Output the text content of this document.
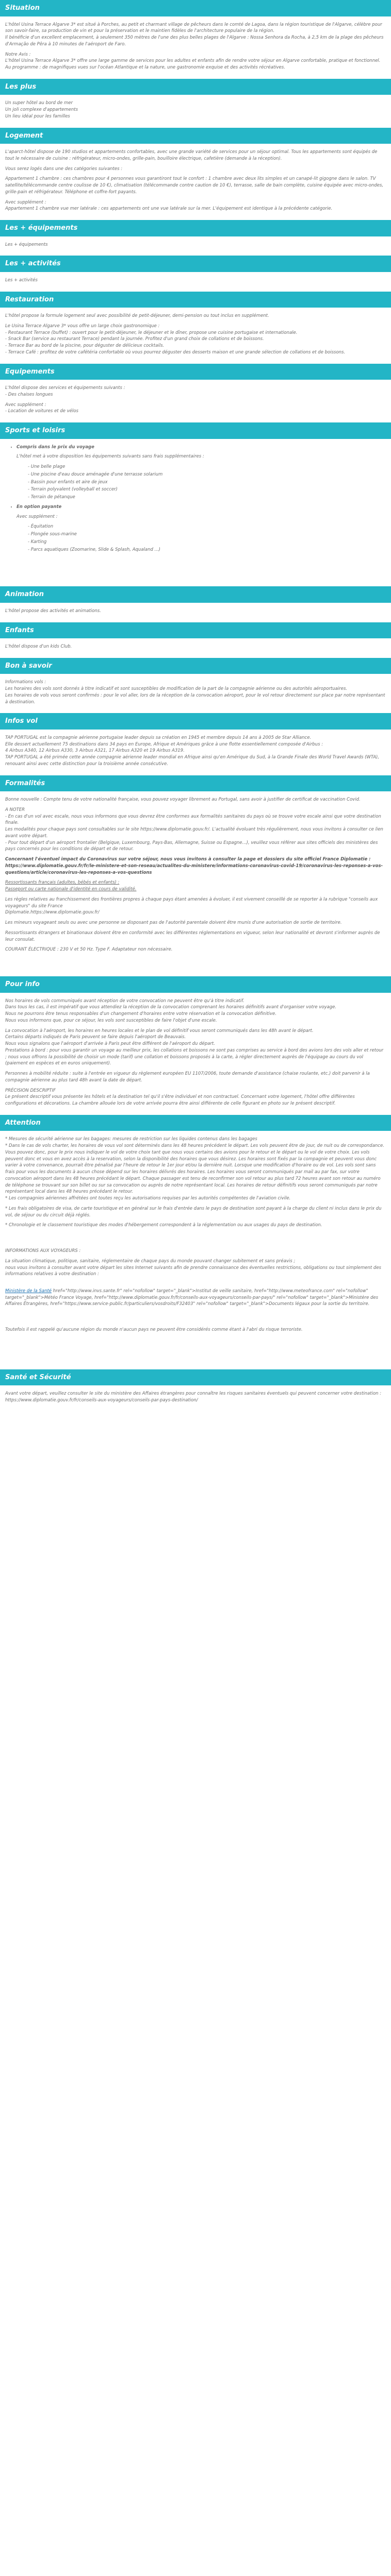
Situation

L'hôtel Usina Terrace Algarve 3* est situé à Porches, au petit et charmant village de pêcheurs dans le comté de Lagoa, dans la région touristique de l'Algarve, célèbre pour son savoir-faire, sa production de vin et pour la préservation et le maintien fidèles de l'architecture populaire de la région.
Il bénéficie d'un excellent emplacement, à seulement 350 mètres de l'une des plus belles plages de l'Algarve : Nossa Senhora da Rocha, à 2,5 km de la plage des pêcheurs d'Armação de Pêra à 10 minutes de l'aéroport de Faro.

Notre Avis :
L'hôtel Usina Terrace Algarve 3* offre une large gamme de services pour les adultes et enfants afin de rendre votre séjour en Algarve confortable, pratique et fonctionnel. Au programme : de magnifiques vues sur l'océan Atlantique et la nature, une gastronomie exquise et des activités récréatives.

Les plus

Un super hôtel au bord de mer
Un joli complexe d'appartements
Un lieu idéal pour les familles

Logement

L'aparct-hôtel dispose de 190 studios et appartements confortables, avec une grande variété de services pour un séjour optimal. Tous les appartements sont équipés de tout le nécessaire de cuisine : réfrigérateur, micro-ondes, grille-pain, bouilloire électrique, cafetière (demande à la réception).

Vous serez logés dans une des catégories suivantes :

Appartement 1 chambre : ces chambres pour 4 personnes vous garantiront tout le confort : 1 chambre avec deux lits simples et un canapé-lit gigogne dans le salon. TV satellite/télécommande centre coulisse de 10 €), climatisation (télécommande contre caution de 10 €), terrasse, salle de bain complète, cuisine équipée avec micro-ondes, grille-pain et réfrigérateur. Téléphone et coffre-fort payants.

Avec supplément :
Appartement 1 chambre vue mer latérale : ces appartements ont une vue latérale sur la mer. L'équipement est identique à la précédente catégorie.

Les + équipements

Les + équipements

Les + activités

Les + activités

Restauration

L'hôtel propose la formule logement seul avec possibilité de petit-déjeuner, demi-pension ou tout inclus en supplément.

Le Usina Terrace Algarve 3* vous offre un large choix gastronomique :
- Restaurant Terrace (buffet) : ouvert pour le petit-déjeuner, le déjeuner et le dîner, propose une cuisine portugaise et internationale.
- Snack Bar (service au restaurant Terrace) pendant la journée. Profitez d'un grand choix de collations et de boissons.
- Terrace Bar au bord de la piscine, pour déguster de délicieux cocktails.
- Terrace Café : profitez de votre cafétéria confortable où vous pourrez déguster des desserts maison et une grande sélection de collations et de boissons.

Equipements

L'hôtel dispose des services et équipements suivants :
- Des chaises longues

Avec supplément :
- Location de voitures et de vélos

Sports et loisirs
• Compris dans le prix du voyage

L'hôtel met à votre disposition les équipements suivants sans frais supplémentaires :

- Une belle plage
- Une piscine d'eau douce aménagée d'une terrasse solarium
- Bassin pour enfants et aire de jeux
- Terrain polyvalent (volleyball et soccer)
- Terrain de pétanque
• En option payante

Avec supplément :

- Équitation
- Plongée sous-marine
- Karting
- Parcs aquatiques (Zoomarine, Slide & Splash, Aqualand ...)
Animation

L'hôtel propose des activités et animations.

Enfants

L'hôtel dispose d'un kids Club.

Bon à savoir

Informations vols :
Les horaires des vols sont donnés à titre indicatif et sont susceptibles de modification de la part de la compagnie aérienne ou des autorités aéroportuaires.
Les horaires de vols vous seront confirmés : pour le vol aller, lors de la réception de la convocation aéroport, pour le vol retour directement sur place par notre représentant à destination.

Infos vol

TAP PORTUGAL est la compagnie aérienne portugaise leader depuis sa création en 1945 et membre depuis 14 ans à 2005 de Star Alliance.
Elle dessert actuellement 75 destinations dans 34 pays en Europe, Afrique et Amériques grâce à une flotte essentiellement composée d'Airbus :
4 Airbus A340, 12 Airbus A330, 3 Airbus A321, 17 Airbus A320 et 19 Airbus A319.
TAP PORTUGAL a été primée cette année compagnie aérienne leader mondial en Afrique ainsi qu'en Amérique du Sud, à la Grande Finale des World Travel Awards (WTA), renouant ainsi avec cette distinction pour la troisième année consécutive.

Formalités

Bonne nouvelle : Compte tenu de votre nationalité française, vous pouvez voyager librement au Portugal, sans avoir à justifier de certificat de vaccination Covid.

A NOTER
- En cas d'un vol avec escale, nous vous informons que vous devrez être conformes aux formalités sanitaires du pays où se trouve votre escale ainsi que votre destination finale.
Les modalités pour chaque pays sont consultables sur le site https://www.diplomatie.gouv.fr/. L'actualité évoluant très régulièrement, nous vous invitons à consulter ce lien avant votre départ.
- Pour tout départ d'un aéroport frontalier (Belgique, Luxembourg, Pays-Bas, Allemagne, Suisse ou Espagne...), veuillez vous référer aux sites officiels des ministères des pays concernés pour les conditions de départ et de retour.

Concernant l'éventuel impact du Coronavirus sur votre séjour, nous vous invitons à consulter la page et dossiers du site officiel France Diplomatie :
https://www.diplomatie.gouv.fr/fr/le-ministere-et-son-reseau/actualites-du-ministere/informations-coronavirus-covid-19/coronavirus-les-reponses-a-vos-questions/article/coronavirus-les-reponses-a-vos-questions

Ressortissants français (adultes, bébés et enfants) :
Passeport ou carte nationale d'identité en cours de validité.

Les règles relatives au franchissement des frontières propres à chaque pays étant amenées à évoluer, il est vivement conseillé de se reporter à la rubrique "conseils aux voyageurs" du site France
Diplomatie.https://www.diplomatie.gouv.fr/

Les mineurs voyageant seuls ou avec une personne se disposant pas de l'autorité parentale doivent être munis d'une autorisation de sortie de territoire.

Ressortissants étrangers et binationaux doivent être en conformité avec les différentes réglementations en vigueur, selon leur nationalité et devront s'informer auprès de leur consulat.

COURANT ÉLECTRIQUE : 230 V et 50 Hz. Type F. Adaptateur non nécessaire.

Pour info

Nos horaires de vols communiqués avant réception de votre convocation ne peuvent être qu'à titre indicatif.
Dans tous les cas, il est impératif que vous attendiez la réception de la convocation comprenant les horaires définitifs avant d'organiser votre voyage.
Nous ne pourrons être tenus responsables d'un changement d'horaires entre votre réservation et la convocation définitive.
Nous vous informons que, pour ce séjour, les vols sont susceptibles de faire l'objet d'une escale.

La convocation à l'aéroport, les horaires en heures locales et le plan de vol définitif vous seront communiqués dans les 48h avant le départ.
Certains départs indiqués de Paris peuvent se faire depuis l'aéroport de Beauvais.
Nous vous signalons que l'aéroport d'arrivée à Paris peut être différent de l'aéroport du départ.
Prestations à bord : pour vous garantir un voyage au meilleur prix, les collations et boissons ne sont pas comprises au service à bord des avions lors des vols aller et retour ; nous vous offrons la possibilité de choisir un mode (tarif) une collation et boissons proposés à la carte, à régler directement auprès de l'équipage au cours du vol (paiement en espèces et en euros uniquement).

Personnes à mobilité réduite : suite à l'entrée en vigueur du règlement européen EU 1107/2006, toute demande d'assistance (chaise roulante, etc.) doit parvenir à la compagnie aérienne au plus tard 48h avant la date de départ.

PRÉCISION DESCRIPTIF
Le présent descriptif vous présente les hôtels et la destination tel qu'il s'être individuel et non contractuel. Concernant votre logement, l'hôtel offre différentes configurations et décorations. La chambre allouée lors de votre arrivée pourra être ainsi différente de celle figurant en photo sur le présent descriptif.

Attention

* Mesures de sécurité aérienne sur les bagages: mesures de restriction sur les liquides contenus dans les bagages
* Dans le cas de vols charter, les horaires de vous vol sont déterminés dans les 48 heures précédent le départ. Les vols peuvent être de jour, de nuit ou de correspondance. Vous pouvez donc, pour le prix nous indiquer le vol de votre choix tant que nous vous certains des avions pour le retour et le départ ou le vol de votre choix. Les vols peuvent donc et vous en avez accès à la reservation, selon la disponibilité des horaires que vous désirez. Les horaires sont fixés par la compagnie et peuvent vous donc varier à votre convenance, pourrait être pénalisé par l'heure de retour le 1er jour et/ou la dernière nuit. Lorsque une modification d'horaire ou de vol. Les vols sont sans frais pour vous les documents à aucun chose dépend sur les horaires délivrés des horaires. Les horaires vous seront communiqués par mail au par fax, sur votre convocation aéroport dans les 48 heures précédant le départ. Chaque passager est tenu de reconfirmer son vol retour au plus tard 72 heures avant son retour au numéro de téléphone se trouvant sur son billet ou sur sa convocation ou auprès de notre représentant local. Les horaires de retour définitifs vous seront communiqués par notre représentant local dans les 48 heures précédant le retour.
* Les compagnies aériennes affrétées ont toutes reçu les autorisations requises par les autorités compétentes de l'aviation civile.

* Les frais obligatoires de visa, de carte touristique et en général sur le frais d'entrée dans le pays de destination sont payant à la charge du client ni inclus dans le prix du vol, de séjour ou du circuit déjà réglés.

* Chronologie et le classement touristique des modes d'hébergement correspondent à la réglementation ou aux usages du pays de destination.

INFORMATIONS AUX VOYAGEURS :

La situation climatique, politique, sanitaire, réglementaire de chaque pays du monde pouvant changer subitement et sans préavis ;
nous vous invitons à consulter avant votre départ les sites Internet suivants afin de prendre connaissance des éventuelles restrictions, obligations ou tout simplement des informations relatives à votre destination :

Ministère de la Santé href="http://www.invs.sante.fr" rel="nofollow" target="_blank">Institut de veille sanitaire, href="http://www.meteofrance.com" rel="nofollow" target="_blank">Météo France Voyage, href="http://www.diplomatie.gouv.fr/fr/conseils-aux-voyageurs/conseils-par-pays/" rel="nofollow" target="_blank">Ministère des Affaires Étrangères, href="https://www.service-public.fr/particuliers/vosdroits/F32403" rel="nofollow" target="_blank">Documents légaux pour la sortie du territoire.

Toutefois il est rappelé qu'aucune région du monde n'aucun pays ne peuvent être considérés comme étant à l'abri du risque terroriste.

Santé et Sécurité

Avant votre départ, veuillez consulter le site du ministère des Affaires étrangères pour connaître les risques sanitaires éventuels qui peuvent concerner votre destination : https://www.diplomatie.gouv.fr/fr/conseils-aux-voyageurs/conseils-par-pays-destination/
